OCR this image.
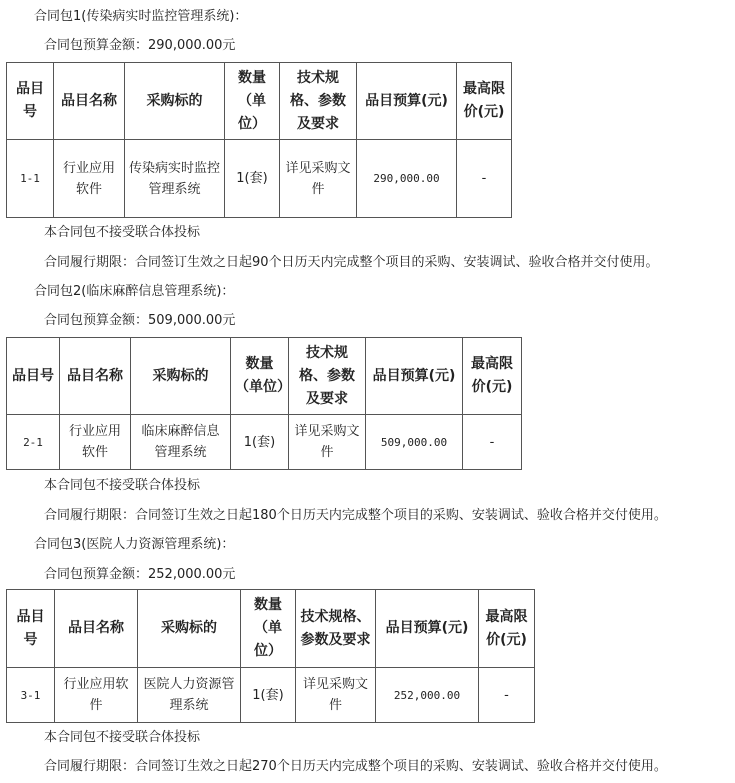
合同包1(传染病实时监控管理系统)：
合同包预算金额：290,000.00元
品目号	品目名称	采购标的	数量（单位）	技术规格、参数及要求	品目预算(元)	最高限价(元)

1-1	行业应用软件	传染病实时监控管理系统	1(套)	详见采购文件	290,000.00	-
本合同包不接受联合体投标
合同履行期限：合同签订生效之日起90个日历天内完成整个项目的采购、安装调试、验收合格并交付使用。
合同包2(临床麻醉信息管理系统)：
合同包预算金额：509,000.00元
品目号	品目名称	采购标的	数量（单位）	技术规格、参数及要求	品目预算(元)	最高限价(元)

2-1	行业应用软件	临床麻醉信息 管理系统	1(套)	详见采购文件	509,000.00	-
本合同包不接受联合体投标
合同履行期限：合同签订生效之日起180个日历天内完成整个项目的采购、安装调试、验收合格并交付使用。
合同包3(医院人力资源管理系统)：
合同包预算金额：252,000.00元
品目号	品目名称	采购标的	数量（单位）	技术规格、参数及要求	品目预算(元)	最高限价(元)

3-1	行业应用软件	医院人力资源管理系统	1(套)	详见采购文件	252,000.00	-
本合同包不接受联合体投标
合同履行期限：合同签订生效之日起270个日历天内完成整个项目的采购、安装调试、验收合格并交付使用。
